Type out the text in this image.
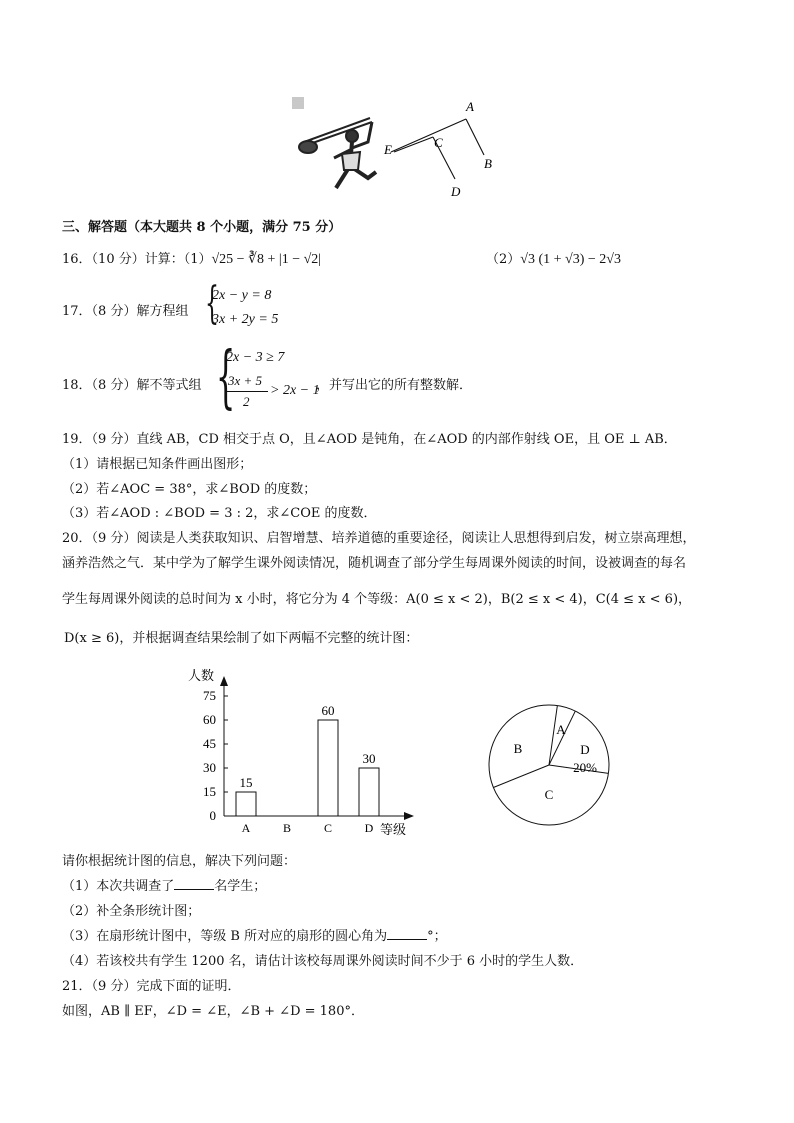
A
B
C
D
E
三、解答题（本大题共 8 个小题，满分 75 分）
16．（10 分）计算：（1）√25 − ∛8 + |1 − √2|	（2）√3 (1 + √3) − 2√3
17．（8 分）解方程组 {
2x − y = 8
3x + 2y = 5
18．（8 分）解不等式组 {
2x − 3 ≥ 7
3x + 5
2
> 2x − 1
，并写出它的所有整数解．
19．（9 分）直线 AB，CD 相交于点 O，且∠AOD 是钝角，在∠AOD 的内部作射线 OE，且 OE ⊥ AB．
（1）请根据已知条件画出图形；
（2）若∠AOC = 38°，求∠BOD 的度数；
（3）若∠AOD : ∠BOD = 3 : 2，求∠COE 的度数．
20．（9 分）阅读是人类获取知识、启智增慧、培养道德的重要途径，阅读让人思想得到启发，树立崇高理想，
涵养浩然之气．某中学为了解学生课外阅读情况，随机调查了部分学生每周课外阅读的时间，设被调查的每名
学生每周课外阅读的总时间为 x 小时，将它分为 4 个等级：A(0 ≤ x < 2)，B(2 ≤ x < 4)，C(4 ≤ x < 6)，
D(x ≥ 6)，并根据调查结果绘制了如下两幅不完整的统计图：
人数
等级
0
15
30
45
60
75
15
A	B
60
C
30
D
A
B
C
D
20%
请你根据统计图的信息，解决下列问题：
（1）本次共调查了	名学生；
（2）补全条形统计图；
（3）在扇形统计图中，等级 B 所对应的扇形的圆心角为	°；
（4）若该校共有学生 1200 名，请估计该校每周课外阅读时间不少于 6 小时的学生人数．
21．（9 分）完成下面的证明．
如图，AB ∥ EF，∠D = ∠E，∠B + ∠D = 180°．
